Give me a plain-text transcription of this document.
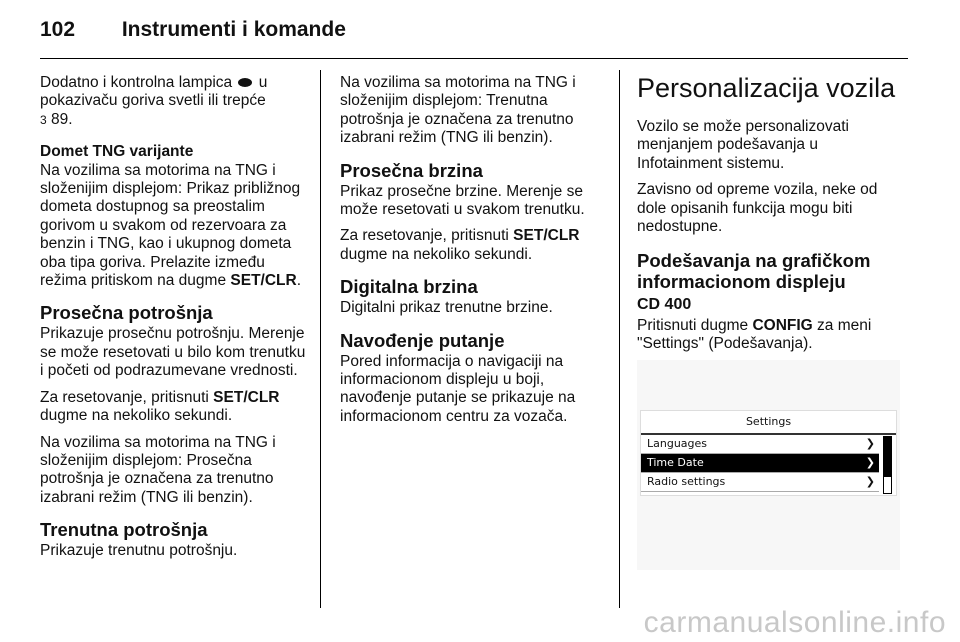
102 Instrumenti i komande

Dodatno i kontrolna lampica u pokazivaču goriva svetli ili trepće
3 89.

Domet TNG varijante

Na vozilima sa motorima na TNG i složenijim displejom: Prikaz približnog dometa dostupnog sa preostalim gorivom u svakom od rezervoara za benzin i TNG, kao i ukupnog dometa oba tipa goriva. Prelazite između režima pritiskom na dugme SET/CLR.

Prosečna potrošnja

Prikazuje prosečnu potrošnju. Merenje se može resetovati u bilo kom trenutku i početi od podrazumevane vrednosti.

Za resetovanje, pritisnuti SET/CLR dugme na nekoliko sekundi.

Na vozilima sa motorima na TNG i složenijim displejom: Prosečna potrošnja je označena za trenutno izabrani režim (TNG ili benzin).

Trenutna potrošnja

Prikazuje trenutnu potrošnju.

Na vozilima sa motorima na TNG i složenijim displejom: Trenutna potrošnja je označena za trenutno izabrani režim (TNG ili benzin).

Prosečna brzina

Prikaz prosečne brzine. Merenje se može resetovati u svakom trenutku.

Za resetovanje, pritisnuti SET/CLR dugme na nekoliko sekundi.

Digitalna brzina

Digitalni prikaz trenutne brzine.

Navođenje putanje

Pored informacija o navigaciji na informacionom displeju u boji, navođenje putanje se prikazuje na informacionom centru za vozača.

Personalizacija vozila

Vozilo se može personalizovati menjanjem podešavanja u Infotainment sistemu.

Zavisno od opreme vozila, neke od dole opisanih funkcija mogu biti nedostupne.

Podešavanja na grafičkom informacionom displeju
CD 400

Pritisnuti dugme CONFIG za meni "Settings" (Podešavanja).

Settings
Languages	❯
Time Date	❯
Radio settings	❯
carmanualsonline.info
